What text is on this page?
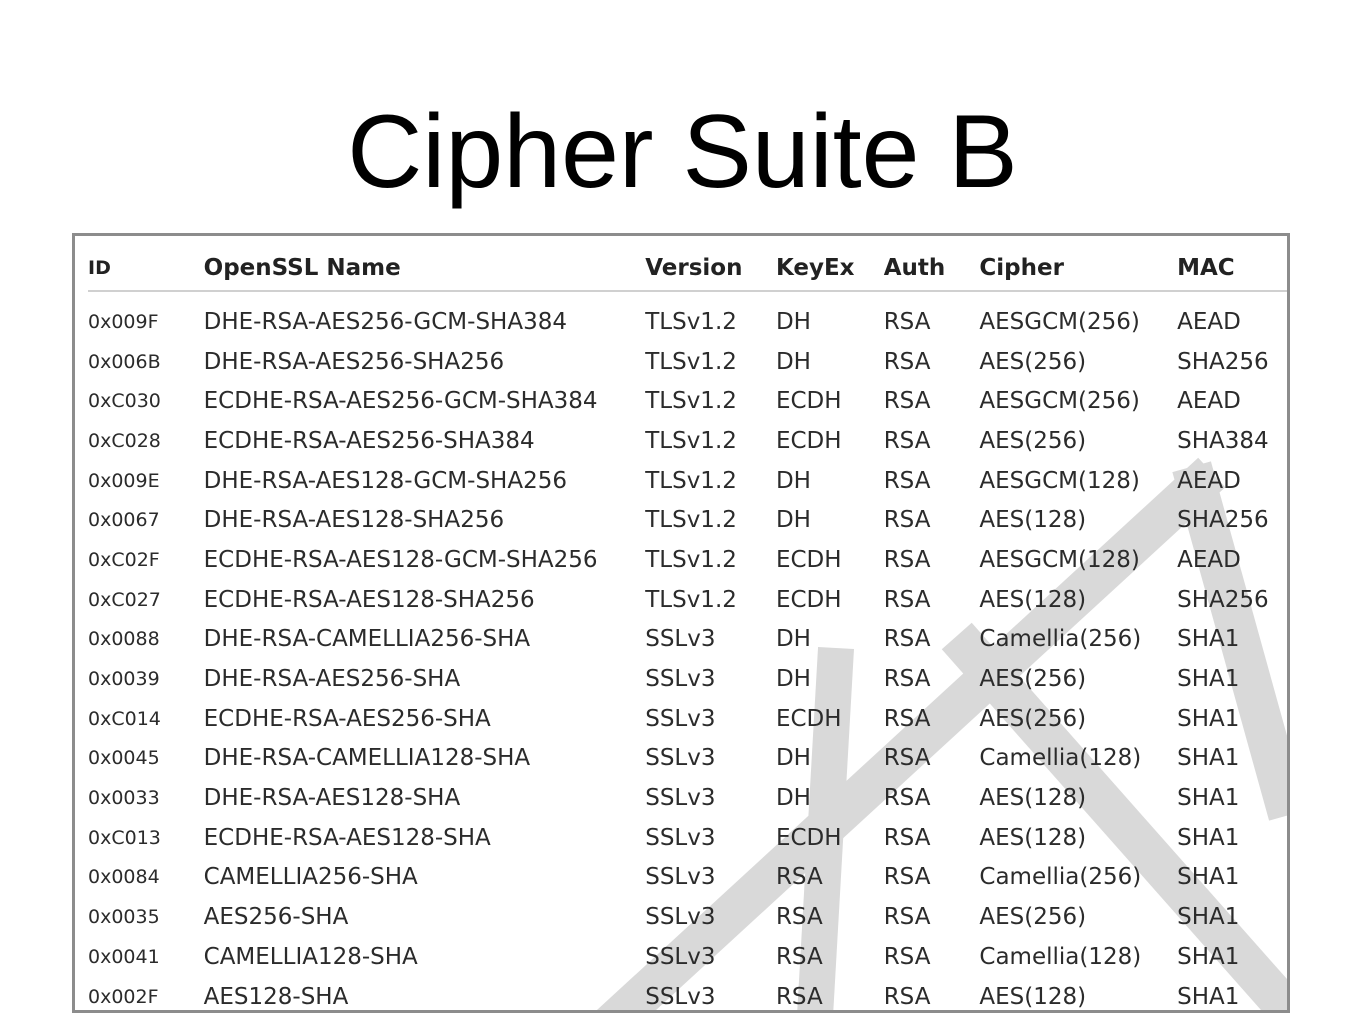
Cipher Suite B
ID	OpenSSL Name	Version	KeyEx	Auth	Cipher	MAC
0x009F	DHE-RSA-AES256-GCM-SHA384	TLSv1.2	DH	RSA	AESGCM(256)	AEAD
0x006B	DHE-RSA-AES256-SHA256	TLSv1.2	DH	RSA	AES(256)	SHA256
0xC030	ECDHE-RSA-AES256-GCM-SHA384	TLSv1.2	ECDH	RSA	AESGCM(256)	AEAD
0xC028	ECDHE-RSA-AES256-SHA384	TLSv1.2	ECDH	RSA	AES(256)	SHA384
0x009E	DHE-RSA-AES128-GCM-SHA256	TLSv1.2	DH	RSA	AESGCM(128)	AEAD
0x0067	DHE-RSA-AES128-SHA256	TLSv1.2	DH	RSA	AES(128)	SHA256
0xC02F	ECDHE-RSA-AES128-GCM-SHA256	TLSv1.2	ECDH	RSA	AESGCM(128)	AEAD
0xC027	ECDHE-RSA-AES128-SHA256	TLSv1.2	ECDH	RSA	AES(128)	SHA256
0x0088	DHE-RSA-CAMELLIA256-SHA	SSLv3	DH	RSA	Camellia(256)	SHA1
0x0039	DHE-RSA-AES256-SHA	SSLv3	DH	RSA	AES(256)	SHA1
0xC014	ECDHE-RSA-AES256-SHA	SSLv3	ECDH	RSA	AES(256)	SHA1
0x0045	DHE-RSA-CAMELLIA128-SHA	SSLv3	DH	RSA	Camellia(128)	SHA1
0x0033	DHE-RSA-AES128-SHA	SSLv3	DH	RSA	AES(128)	SHA1
0xC013	ECDHE-RSA-AES128-SHA	SSLv3	ECDH	RSA	AES(128)	SHA1
0x0084	CAMELLIA256-SHA	SSLv3	RSA	RSA	Camellia(256)	SHA1
0x0035	AES256-SHA	SSLv3	RSA	RSA	AES(256)	SHA1
0x0041	CAMELLIA128-SHA	SSLv3	RSA	RSA	Camellia(128)	SHA1
0x002F	AES128-SHA	SSLv3	RSA	RSA	AES(128)	SHA1
